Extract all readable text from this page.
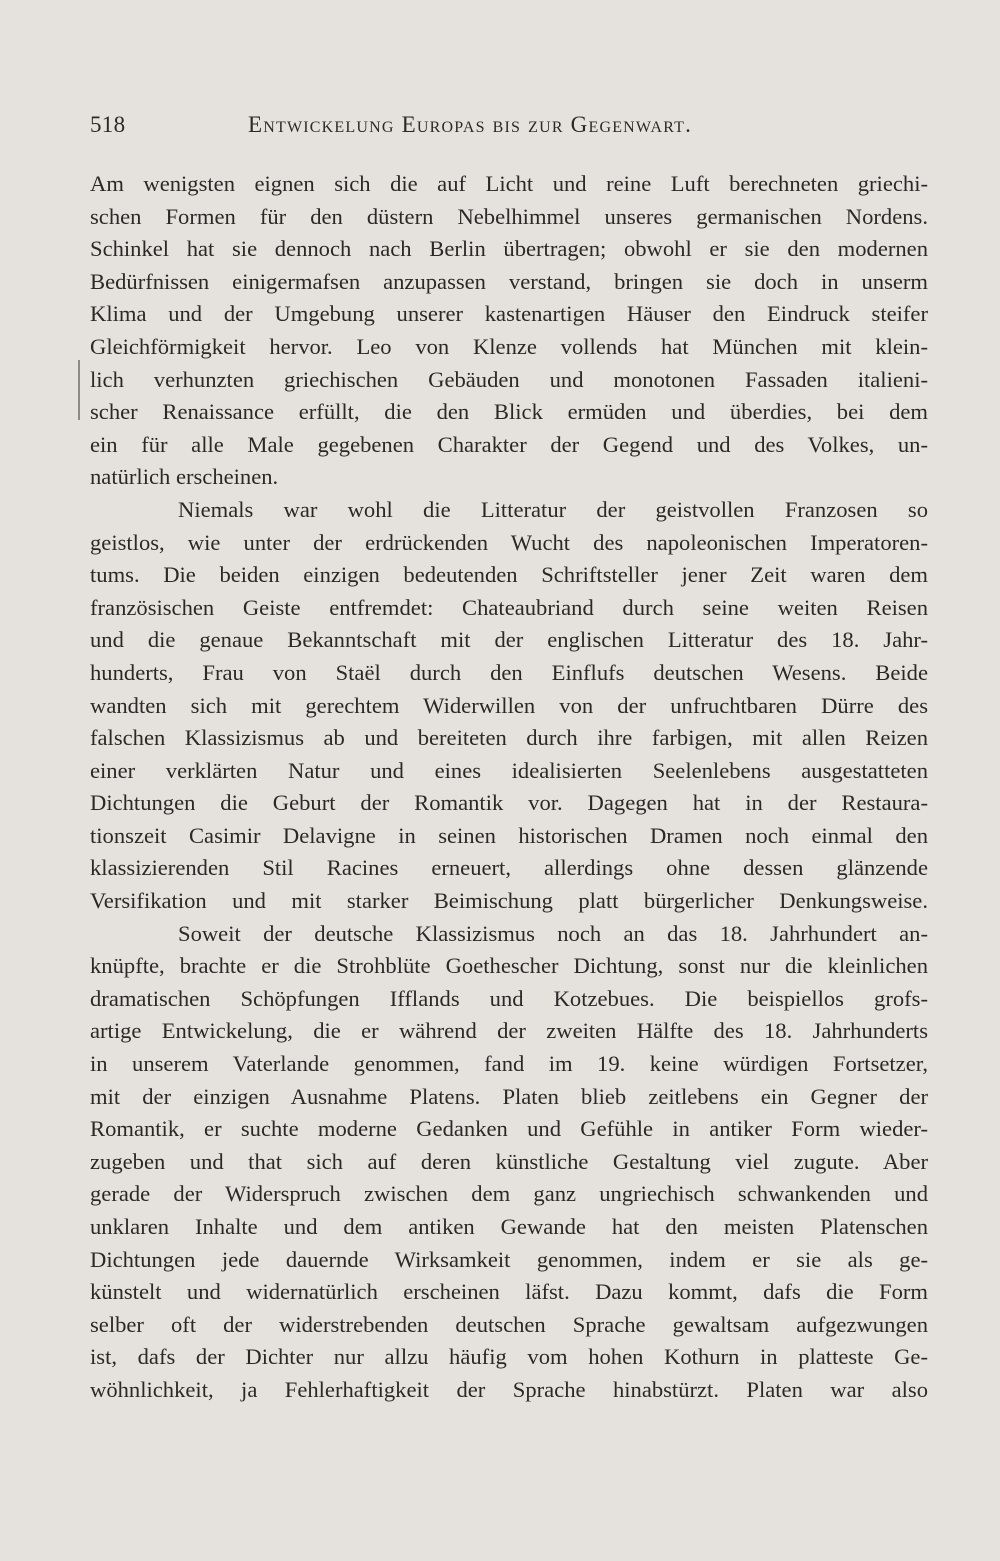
518	Entwickelung Europas bis zur Gegenwart.
Am wenigsten eignen sich die auf Licht und reine Luft berechneten griechi-
schen Formen für den düstern Nebelhimmel unseres germanischen Nordens.
Schinkel hat sie dennoch nach Berlin übertragen; obwohl er sie den modernen
Bedürfnissen einigermafsen anzupassen verstand, bringen sie doch in unserm
Klima und der Umgebung unserer kastenartigen Häuser den Eindruck steifer
Gleichförmigkeit hervor. Leo von Klenze vollends hat München mit klein-
lich verhunzten griechischen Gebäuden und monotonen Fassaden italieni-
scher Renaissance erfüllt, die den Blick ermüden und überdies, bei dem
ein für alle Male gegebenen Charakter der Gegend und des Volkes, un-
natürlich erscheinen.
Niemals war wohl die Litteratur der geistvollen Franzosen so
geistlos, wie unter der erdrückenden Wucht des napoleonischen Imperatoren-
tums. Die beiden einzigen bedeutenden Schriftsteller jener Zeit waren dem
französischen Geiste entfremdet: Chateaubriand durch seine weiten Reisen
und die genaue Bekanntschaft mit der englischen Litteratur des 18. Jahr-
hunderts, Frau von Staël durch den Einflufs deutschen Wesens. Beide
wandten sich mit gerechtem Widerwillen von der unfruchtbaren Dürre des
falschen Klassizismus ab und bereiteten durch ihre farbigen, mit allen Reizen
einer verklärten Natur und eines idealisierten Seelenlebens ausgestatteten
Dichtungen die Geburt der Romantik vor. Dagegen hat in der Restaura-
tionszeit Casimir Delavigne in seinen historischen Dramen noch einmal den
klassizierenden Stil Racines erneuert, allerdings ohne dessen glänzende
Versifikation und mit starker Beimischung platt bürgerlicher Denkungsweise.
Soweit der deutsche Klassizismus noch an das 18. Jahrhundert an-
knüpfte, brachte er die Strohblüte Goethescher Dichtung, sonst nur die kleinlichen
dramatischen Schöpfungen Ifflands und Kotzebues. Die beispiellos grofs-
artige Entwickelung, die er während der zweiten Hälfte des 18. Jahrhunderts
in unserem Vaterlande genommen, fand im 19. keine würdigen Fortsetzer,
mit der einzigen Ausnahme Platens. Platen blieb zeitlebens ein Gegner der
Romantik, er suchte moderne Gedanken und Gefühle in antiker Form wieder-
zugeben und that sich auf deren künstliche Gestaltung viel zugute. Aber
gerade der Widerspruch zwischen dem ganz ungriechisch schwankenden und
unklaren Inhalte und dem antiken Gewande hat den meisten Platenschen
Dichtungen jede dauernde Wirksamkeit genommen, indem er sie als ge-
künstelt und widernatürlich erscheinen läfst. Dazu kommt, dafs die Form
selber oft der widerstrebenden deutschen Sprache gewaltsam aufgezwungen
ist, dafs der Dichter nur allzu häufig vom hohen Kothurn in platteste Ge-
wöhnlichkeit, ja Fehlerhaftigkeit der Sprache hinabstürzt. Platen war also
